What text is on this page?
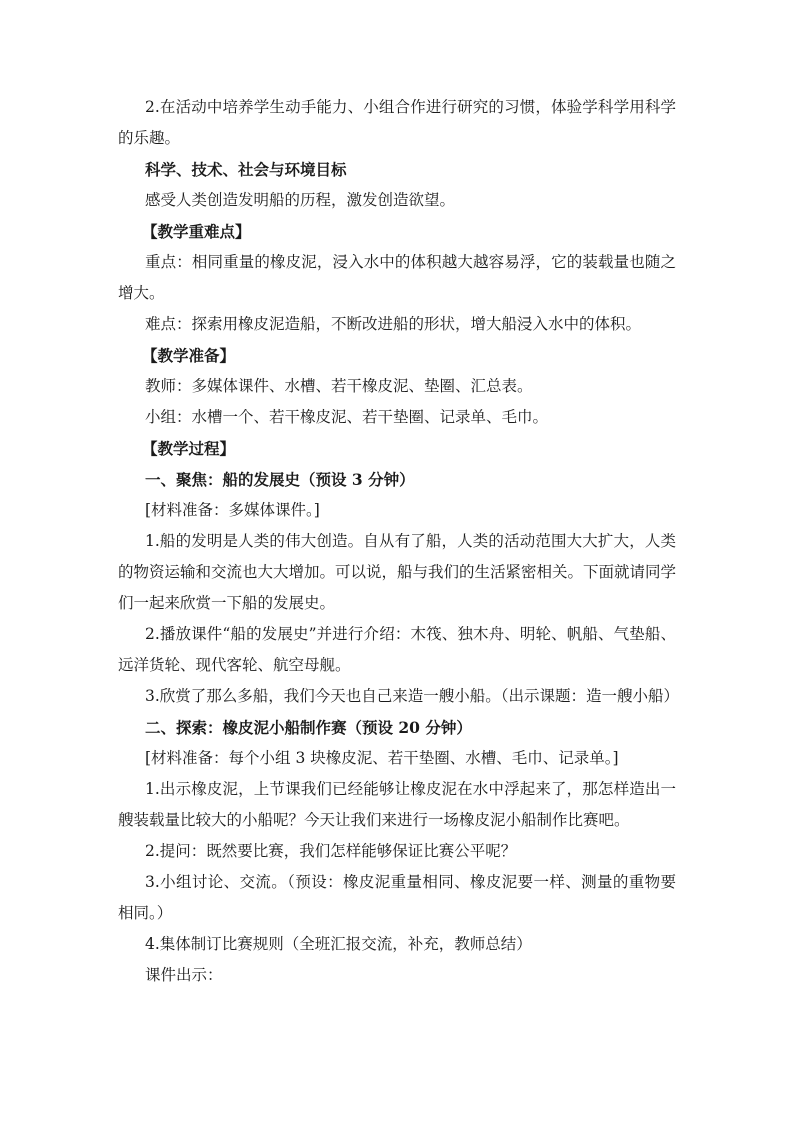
2.在活动中培养学生动手能力、小组合作进行研究的习惯，体验学科学用科学的乐趣。

科学、技术、社会与环境目标

感受人类创造发明船的历程，激发创造欲望。

【教学重难点】

重点：相同重量的橡皮泥，浸入水中的体积越大越容易浮，它的装载量也随之增大。

难点：探索用橡皮泥造船，不断改进船的形状，增大船浸入水中的体积。

【教学准备】

教师：多媒体课件、水槽、若干橡皮泥、垫圈、汇总表。

小组：水槽一个、若干橡皮泥、若干垫圈、记录单、毛巾。

【教学过程】

一、聚焦：船的发展史（预设 3 分钟）

[材料准备：多媒体课件。]

1.船的发明是人类的伟大创造。自从有了船，人类的活动范围大大扩大，人类的物资运输和交流也大大增加。可以说，船与我们的生活紧密相关。下面就请同学们一起来欣赏一下船的发展史。

2.播放课件“船的发展史”并进行介绍：木筏、独木舟、明轮、帆船、气垫船、远洋货轮、现代客轮、航空母舰。

3.欣赏了那么多船，我们今天也自己来造一艘小船。（出示课题：造一艘小船）

二、探索：橡皮泥小船制作赛（预设 20 分钟）

[材料准备：每个小组 3 块橡皮泥、若干垫圈、水槽、毛巾、记录单。]

1.出示橡皮泥，上节课我们已经能够让橡皮泥在水中浮起来了，那怎样造出一艘装载量比较大的小船呢？今天让我们来进行一场橡皮泥小船制作比赛吧。

2.提问：既然要比赛，我们怎样能够保证比赛公平呢？

3.小组讨论、交流。（预设：橡皮泥重量相同、橡皮泥要一样、测量的重物要相同。）

4.集体制订比赛规则（全班汇报交流，补充，教师总结）

课件出示：
